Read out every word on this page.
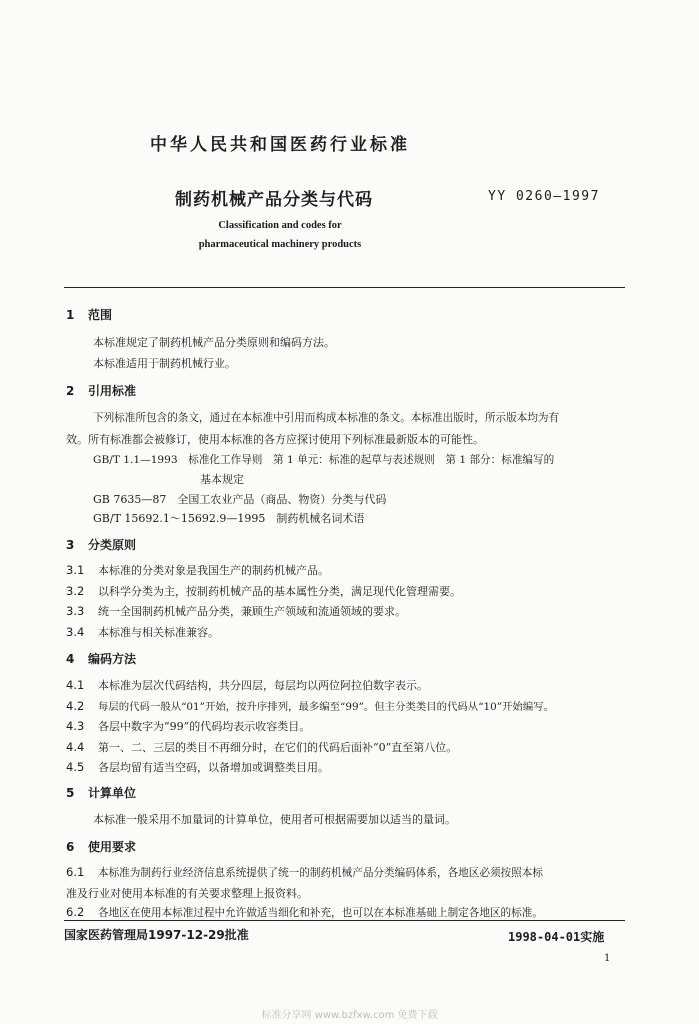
中华人民共和国医药行业标准
制药机械产品分类与代码	YY 0260—1997
Classification and codes for
pharmaceutical machinery products
1 范围
本标准规定了制药机械产品分类原则和编码方法。
本标准适用于制药机械行业。
2 引用标准
下列标准所包含的条文，通过在本标准中引用而构成本标准的条文。本标准出版时，所示版本均为有
效。所有标准都会被修订，使用本标准的各方应探讨使用下列标准最新版本的可能性。
GB/T 1.1—1993　标准化工作导则　第 1 单元：标准的起草与表述规则　第 1 部分：标准编写的
基本规定
GB 7635—87　全国工农业产品（商品、物资）分类与代码
GB/T 15692.1～15692.9—1995　制药机械名词术语
3 分类原则
3.1 本标准的分类对象是我国生产的制药机械产品。
3.2 以科学分类为主，按制药机械产品的基本属性分类，满足现代化管理需要。
3.3 统一全国制药机械产品分类，兼顾生产领域和流通领域的要求。
3.4 本标准与相关标准兼容。
4 编码方法
4.1 本标准为层次代码结构，共分四层，每层均以两位阿拉伯数字表示。
4.2 每层的代码一般从“01”开始，按升序排列，最多编至“99”。但主分类类目的代码从“10”开始编写。
4.3 各层中数字为“99”的代码均表示收容类目。
4.4 第一、二、三层的类目不再细分时，在它们的代码后面补“0”直至第八位。
4.5 各层均留有适当空码，以备增加或调整类目用。
5 计算单位
本标准一般采用不加量词的计算单位，使用者可根据需要加以适当的量词。
6 使用要求
6.1 本标准为制药行业经济信息系统提供了统一的制药机械产品分类编码体系，各地区必须按照本标
准及行业对使用本标准的有关要求整理上报资料。
6.2 各地区在使用本标准过程中允许做适当细化和补充，也可以在本标准基础上制定各地区的标准。
国家医药管理局1997-12-29批准	1998-04-01实施
1
标准分享网 www.bzfxw.com 免费下载
